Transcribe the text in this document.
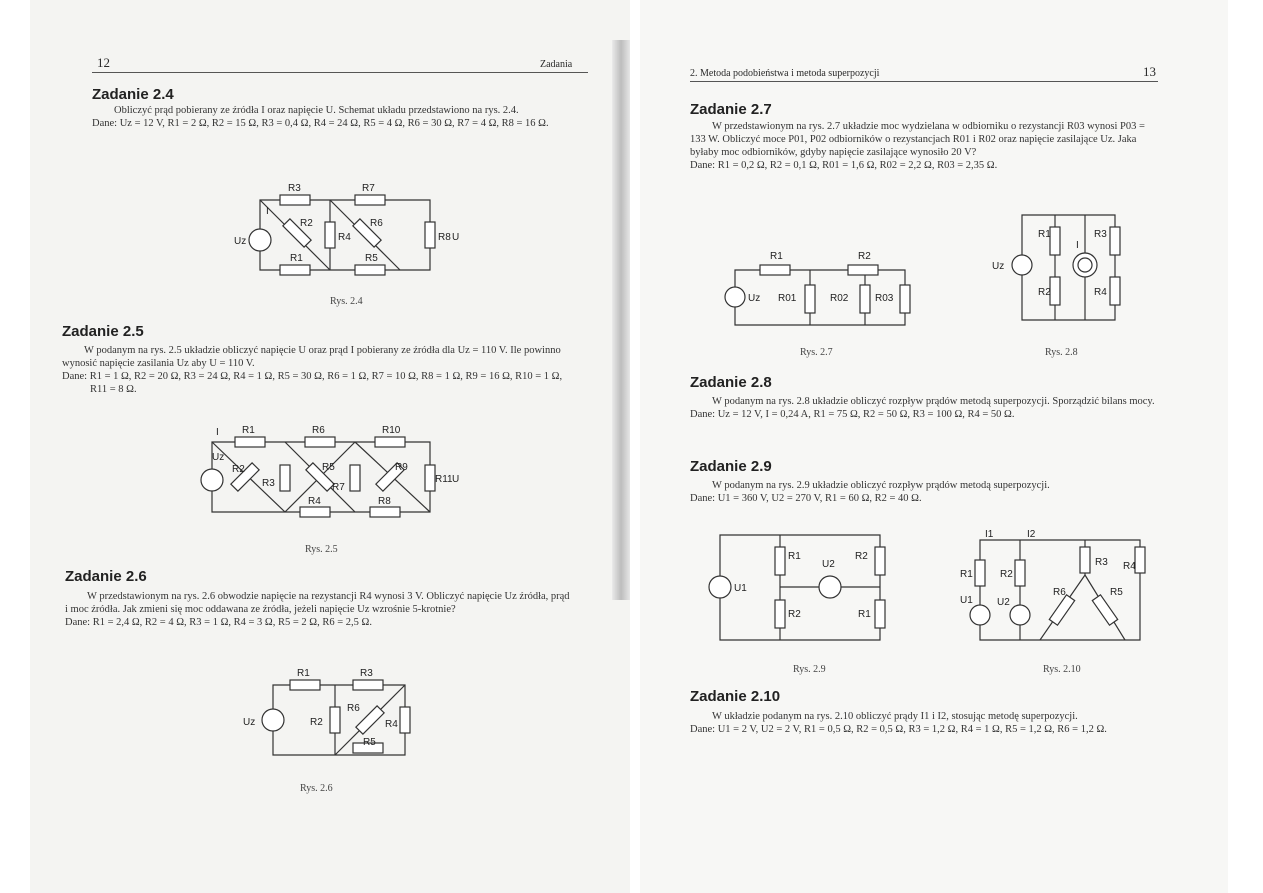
12	Zadania
Zadanie 2.4

Obliczyć prąd pobierany ze źródła I oraz napięcie U. Schemat układu przedstawiono na rys. 2.4.

Dane: Uz = 12 V, R1 = 2 Ω, R2 = 15 Ω, R3 = 0,4 Ω, R4 = 24 Ω, R5 = 4 Ω, R6 = 30 Ω, R7 = 4 Ω, R8 = 16 Ω.

R3	R7
I
R2
R4
R6
R8 U
Uz
R1	R5
Rys. 2.4
Zadanie 2.5

W podanym na rys. 2.5 układzie obliczyć napięcie U oraz prąd I pobierany ze źródła dla Uz = 110 V. Ile powinno wynosić napięcie zasilania Uz aby U = 110 V.

Dane: R1 = 1 Ω, R2 = 20 Ω, R3 = 24 Ω, R4 = 1 Ω, R5 = 30 Ω, R6 = 1 Ω, R7 = 10 Ω, R8 = 1 Ω, R9 = 16 Ω, R10 = 1 Ω, R11 = 8 Ω.

I R1	R6	R10
Uz
R2
R3
R5
R7
R9
R11 U
R4	R8
Rys. 2.5
Zadanie 2.6

W przedstawionym na rys. 2.6 obwodzie napięcie na rezystancji R4 wynosi 3 V. Obliczyć napięcie Uz źródła, prąd i moc źródła. Jak zmieni się moc oddawana ze źródła, jeżeli napięcie Uz wzrośnie 5-krotnie?

Dane: R1 = 2,4 Ω, R2 = 4 Ω, R3 = 1 Ω, R4 = 3 Ω, R5 = 2 Ω, R6 = 2,5 Ω.

R1	R3
Uz	R2
R6
R4
R5
Rys. 2.6
2. Metoda podobieństwa i metoda superpozycji	13
Zadanie 2.7

W przedstawionym na rys. 2.7 układzie moc wydzielana w odbiorniku o rezystancji R03 wynosi P03 = 133 W. Obliczyć moce P01, P02 odbiorników o rezystancjach R01 i R02 oraz napięcie zasilające Uz. Jaka byłaby moc odbiorników, gdyby napięcie zasilające wynosiło 20 V?

Dane: R1 = 0,2 Ω, R2 = 0,1 Ω, R01 = 1,6 Ω, R02 = 2,2 Ω, R03 = 2,35 Ω.

R1	R2
Uz R01	R02	R03
Rys. 2.7
R1	R3
Uz
I
R2	R4
Rys. 2.8
Zadanie 2.8

W podanym na rys. 2.8 układzie obliczyć rozpływ prądów metodą superpozycji. Sporządzić bilans mocy.

Dane: Uz = 12 V, I = 0,24 A, R1 = 75 Ω, R2 = 50 Ω, R3 = 100 Ω, R4 = 50 Ω.

Zadanie 2.9

W podanym na rys. 2.9 układzie obliczyć rozpływ prądów metodą superpozycji.

Dane: U1 = 360 V, U2 = 270 V, R1 = 60 Ω, R2 = 40 Ω.

R1
U2
R2
U1
R2	R1
Rys. 2.9
I1	I2
R1	R2
R3 R4
U1 U2
R6	R5
Rys. 2.10
Zadanie 2.10

W układzie podanym na rys. 2.10 obliczyć prądy I1 i I2, stosując metodę superpozycji.

Dane: U1 = 2 V, U2 = 2 V, R1 = 0,5 Ω, R2 = 0,5 Ω, R3 = 1,2 Ω, R4 = 1 Ω, R5 = 1,2 Ω, R6 = 1,2 Ω.
